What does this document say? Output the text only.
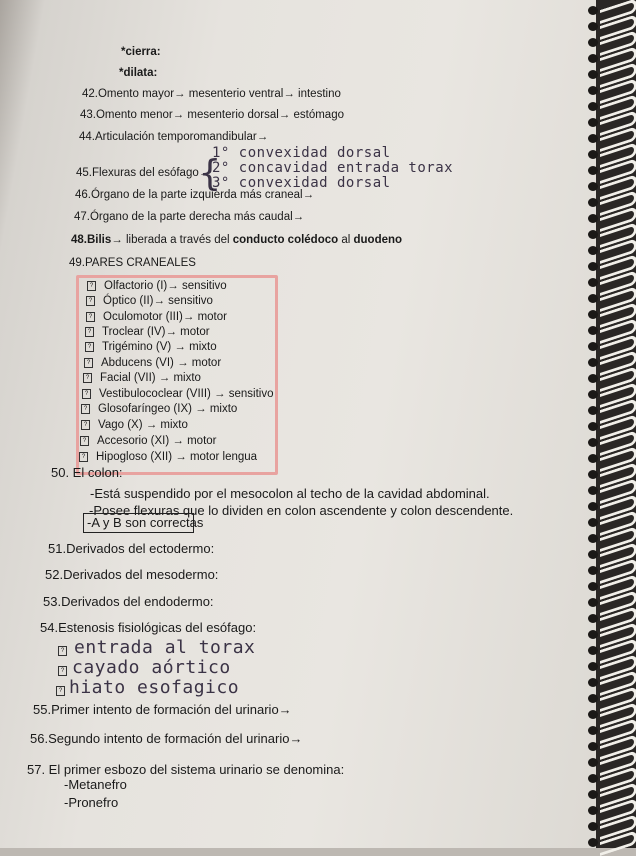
*cierra:
*dilata:
42.Omento mayor→ mesenterio ventral→ intestino
43.Omento menor→ mesenterio dorsal→ estómago
44.Articulación temporomandibular→
45.Flexuras del esófago→
{
1° convexidad dorsal
2° concavidad entrada torax
3° convexidad dorsal
46.Órgano de la parte izquierda más craneal→
47.Órgano de la parte derecha más caudal→
48.Bilis→ liberada a través del conducto colédoco al duodeno
49.PARES CRANEALES
? Olfactorio (I)→ sensitivo
? Óptico (II)→ sensitivo
? Oculomotor (III)→ motor
? Troclear (IV)→ motor
? Trigémino (V) → mixto
? Abducens (VI) → motor
? Facial (VII) → mixto
? Vestibulococlear (VIII) → sensitivo
? Glosofaríngeo (IX) → mixto
? Vago (X) → mixto
? Accesorio (XI) → motor
? Hipogloso (XII) → motor lengua
50. El colon:
-Está suspendido por el mesocolon al techo de la cavidad abdominal.
-Posee flexuras que lo dividen en colon ascendente y colon descendente.
-A y B son correctas
51.Derivados del ectodermo:
52.Derivados del mesodermo:
53.Derivados del endodermo:
54.Estenosis fisiológicas del esófago:
? entrada al torax
? cayado aórtico
? hiato esofagico
55.Primer intento de formación del urinario→
56.Segundo intento de formación del urinario→
57. El primer esbozo del sistema urinario se denomina:
-Metanefro
-Pronefro
